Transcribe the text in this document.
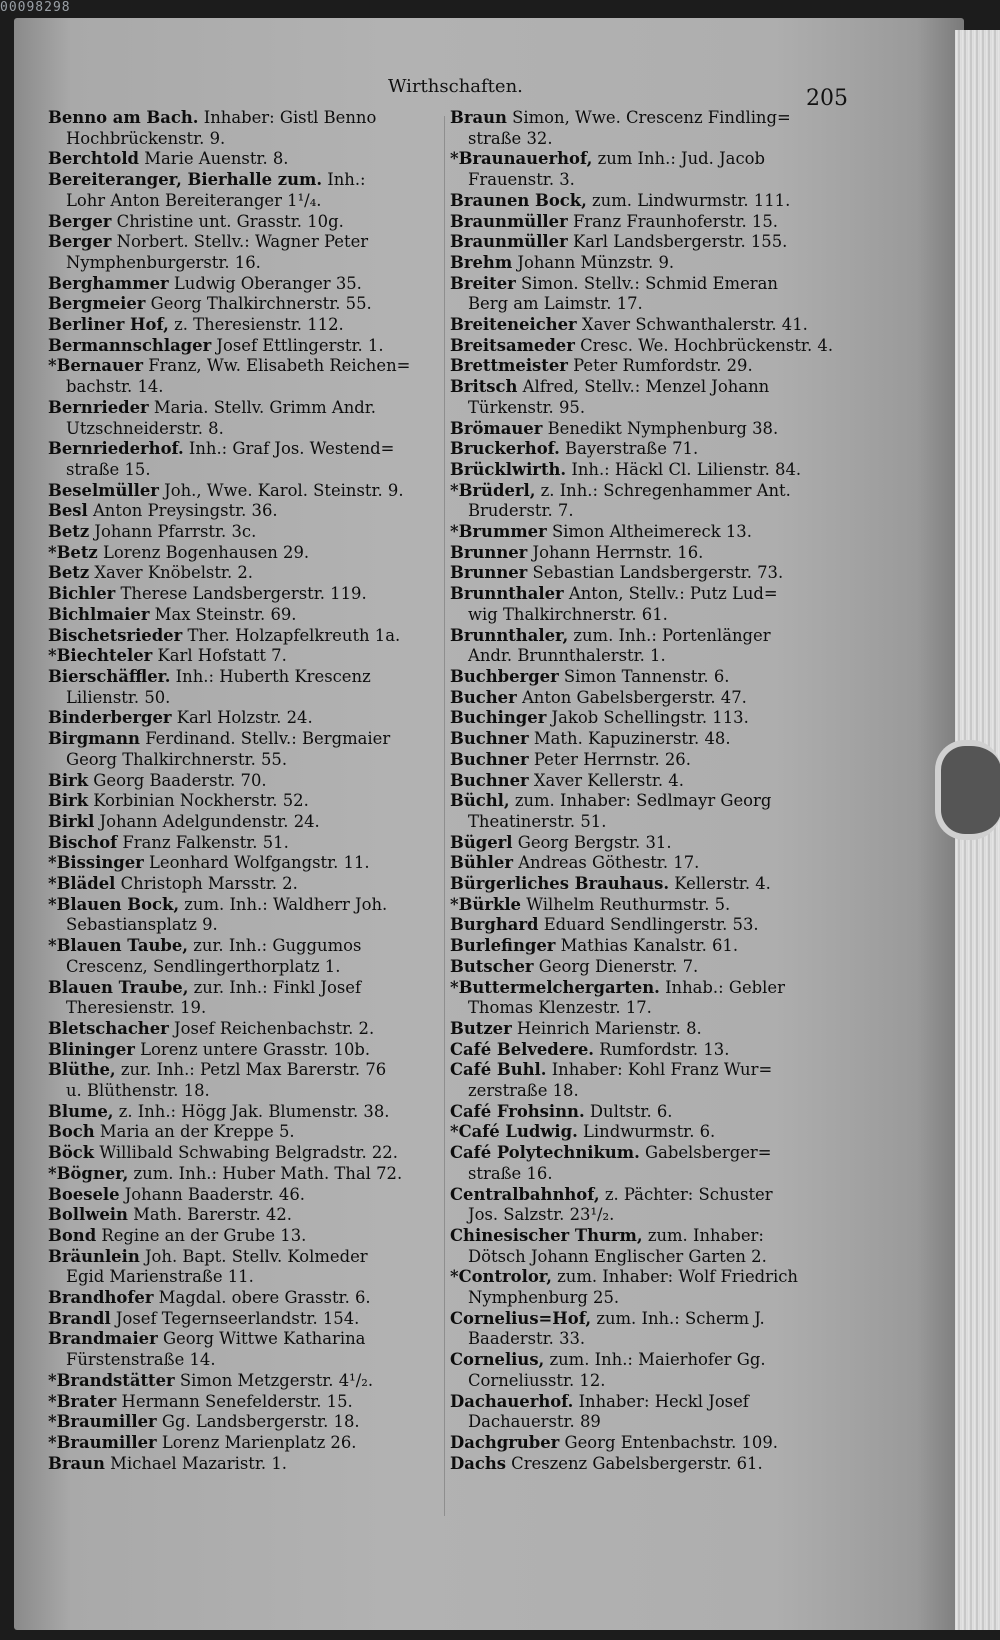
00098298
Wirthschaften.	205

Benno am Bach. Inhaber: Gistl Benno
Hochbrückenstr. 9.

Berchtold Marie Auenstr. 8.

Bereiteranger, Bierhalle zum. Inh.:
Lohr Anton Bereiteranger 1¹/₄.

Berger Christine unt. Grasstr. 10g.

Berger Norbert. Stellv.: Wagner Peter
Nymphenburgerstr. 16.

Berghammer Ludwig Oberanger 35.

Bergmeier Georg Thalkirchnerstr. 55.

Berliner Hof, z. Theresienstr. 112.

Bermannschlager Josef Ettlingerstr. 1.

*Bernauer Franz, Ww. Elisabeth Reichen=
bachstr. 14.

Bernrieder Maria. Stellv. Grimm Andr.
Utzschneiderstr. 8.

Bernriederhof. Inh.: Graf Jos. Westend=
straße 15.

Beselmüller Joh., Wwe. Karol. Steinstr. 9.

Besl Anton Preysingstr. 36.

Betz Johann Pfarrstr. 3c.

*Betz Lorenz Bogenhausen 29.

Betz Xaver Knöbelstr. 2.

Bichler Therese Landsbergerstr. 119.

Bichlmaier Max Steinstr. 69.

Bischetsrieder Ther. Holzapfelkreuth 1a.

*Biechteler Karl Hofstatt 7.

Bierschäffler. Inh.: Huberth Krescenz
Lilienstr. 50.

Binderberger Karl Holzstr. 24.

Birgmann Ferdinand. Stellv.: Bergmaier
Georg Thalkirchnerstr. 55.

Birk Georg Baaderstr. 70.

Birk Korbinian Nockherstr. 52.

Birkl Johann Adelgundenstr. 24.

Bischof Franz Falkenstr. 51.

*Bissinger Leonhard Wolfgangstr. 11.

*Blädel Christoph Marsstr. 2.

*Blauen Bock, zum. Inh.: Waldherr Joh.
Sebastiansplatz 9.

*Blauen Taube, zur. Inh.: Guggumos
Crescenz, Sendlingerthorplatz 1.

Blauen Traube, zur. Inh.: Finkl Josef
Theresienstr. 19.

Bletschacher Josef Reichenbachstr. 2.

Blininger Lorenz untere Grasstr. 10b.

Blüthe, zur. Inh.: Petzl Max Barerstr. 76
u. Blüthenstr. 18.

Blume, z. Inh.: Högg Jak. Blumenstr. 38.

Boch Maria an der Kreppe 5.

Böck Willibald Schwabing Belgradstr. 22.

*Bögner, zum. Inh.: Huber Math. Thal 72.

Boesele Johann Baaderstr. 46.

Bollwein Math. Barerstr. 42.

Bond Regine an der Grube 13.

Bräunlein Joh. Bapt. Stellv. Kolmeder
Egid Marienstraße 11.

Brandhofer Magdal. obere Grasstr. 6.

Brandl Josef Tegernseerlandstr. 154.

Brandmaier Georg Wittwe Katharina
Fürstenstraße 14.

*Brandstätter Simon Metzgerstr. 4¹/₂.

*Brater Hermann Senefelderstr. 15.

*Braumiller Gg. Landsbergerstr. 18.

*Braumiller Lorenz Marienplatz 26.

Braun Michael Mazaristr. 1.

Braun Simon, Wwe. Crescenz Findling=
straße 32.

*Braunauerhof, zum Inh.: Jud. Jacob
Frauenstr. 3.

Braunen Bock, zum. Lindwurmstr. 111.

Braunmüller Franz Fraunhoferstr. 15.

Braunmüller Karl Landsbergerstr. 155.

Brehm Johann Münzstr. 9.

Breiter Simon. Stellv.: Schmid Emeran
Berg am Laimstr. 17.

Breiteneicher Xaver Schwanthalerstr. 41.

Breitsameder Cresc. We. Hochbrückenstr. 4.

Brettmeister Peter Rumfordstr. 29.

Britsch Alfred, Stellv.: Menzel Johann
Türkenstr. 95.

Brömauer Benedikt Nymphenburg 38.

Bruckerhof. Bayerstraße 71.

Brücklwirth. Inh.: Häckl Cl. Lilienstr. 84.

*Brüderl, z. Inh.: Schregenhammer Ant.
Bruderstr. 7.

*Brummer Simon Altheimereck 13.

Brunner Johann Herrnstr. 16.

Brunner Sebastian Landsbergerstr. 73.

Brunnthaler Anton, Stellv.: Putz Lud=
wig Thalkirchnerstr. 61.

Brunnthaler, zum. Inh.: Portenlänger
Andr. Brunnthalerstr. 1.

Buchberger Simon Tannenstr. 6.

Bucher Anton Gabelsbergerstr. 47.

Buchinger Jakob Schellingstr. 113.

Buchner Math. Kapuzinerstr. 48.

Buchner Peter Herrnstr. 26.

Buchner Xaver Kellerstr. 4.

Büchl, zum. Inhaber: Sedlmayr Georg
Theatinerstr. 51.

Bügerl Georg Bergstr. 31.

Bühler Andreas Göthestr. 17.

Bürgerliches Brauhaus. Kellerstr. 4.

*Bürkle Wilhelm Reuthurmstr. 5.

Burghard Eduard Sendlingerstr. 53.

Burlefinger Mathias Kanalstr. 61.

Butscher Georg Dienerstr. 7.

*Buttermelchergarten. Inhab.: Gebler
Thomas Klenzestr. 17.

Butzer Heinrich Marienstr. 8.

Café Belvedere. Rumfordstr. 13.

Café Buhl. Inhaber: Kohl Franz Wur=
zerstraße 18.

Café Frohsinn. Dultstr. 6.

*Café Ludwig. Lindwurmstr. 6.

Café Polytechnikum. Gabelsberger=
straße 16.

Centralbahnhof, z. Pächter: Schuster
Jos. Salzstr. 23¹/₂.

Chinesischer Thurm, zum. Inhaber:
Dötsch Johann Englischer Garten 2.

*Controlor, zum. Inhaber: Wolf Friedrich
Nymphenburg 25.

Cornelius=Hof, zum. Inh.: Scherm J.
Baaderstr. 33.

Cornelius, zum. Inh.: Maierhofer Gg.
Corneliusstr. 12.

Dachauerhof. Inhaber: Heckl Josef
Dachauerstr. 89

Dachgruber Georg Entenbachstr. 109.

Dachs Creszenz Gabelsbergerstr. 61.
